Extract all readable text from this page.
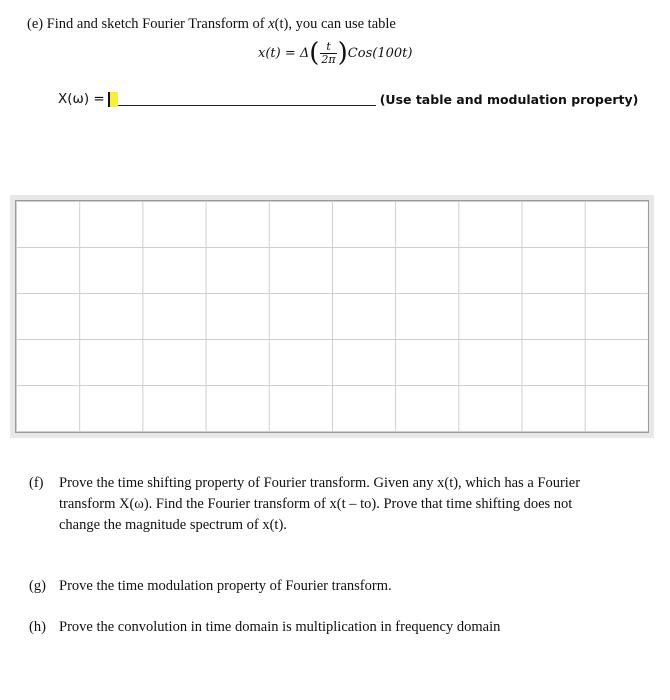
(e) Find and sketch Fourier Transform of x(t), you can use table
x(t) = Δ ( $\frac{t}{2\pi}$ ) Cos(100t)
X(ω) =	(Use table and modulation property)
(f) Prove the time shifting property of Fourier transform. Given any x(t), which has a Fourier
transform X(ω). Find the Fourier transform of x(t – to). Prove that time shifting does not
change the magnitude spectrum of x(t).
(g) Prove the time modulation property of Fourier transform.
(h) Prove the convolution in time domain is multiplication in frequency domain
